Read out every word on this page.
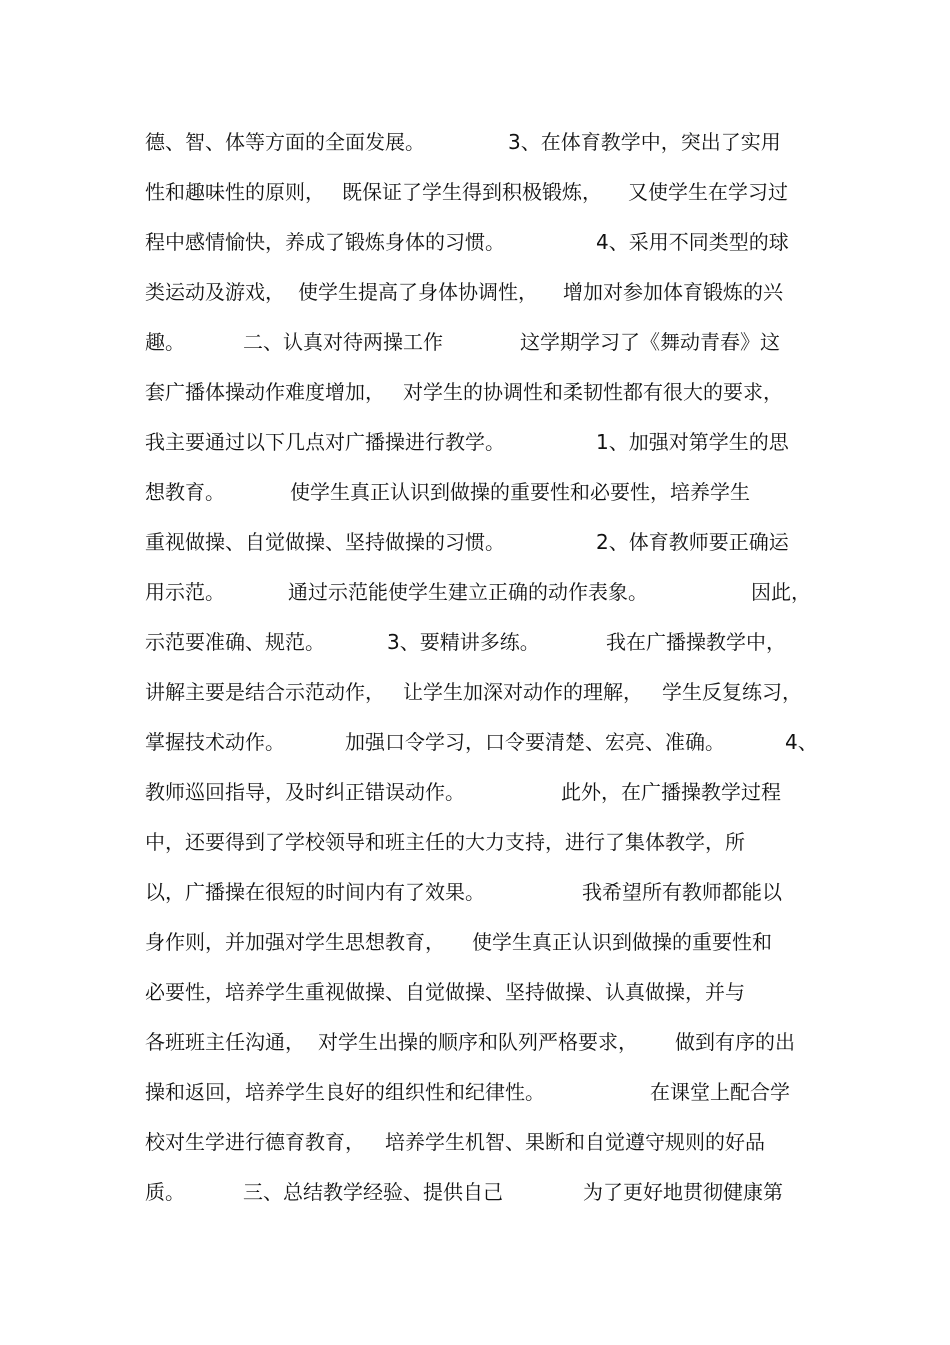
德、智、体等方面的全面发展。	3、在体育教学中，突出了实用
性和趣味性的原则， 既保证了学生得到积极锻炼， 又使学生在学习过
程中感情愉快，养成了锻炼身体的习惯。	4、采用不同类型的球
类运动及游戏， 使学生提高了身体协调性， 增加对参加体育锻炼的兴
趣。	二、认真对待两操工作	这学期学习了《舞动青春》这
套广播体操动作难度增加， 对学生的协调性和柔韧性都有很大的要求，
我主要通过以下几点对广播操进行教学。	1、加强对第学生的思
想教育。	使学生真正认识到做操的重要性和必要性，培养学生
重视做操、自觉做操、坚持做操的习惯。	2、体育教师要正确运
用示范。	通过示范能使学生建立正确的动作表象。	因此，
示范要准确、规范。	3、要精讲多练。	我在广播操教学中，
讲解主要是结合示范动作， 让学生加深对动作的理解， 学生反复练习，
掌握技术动作。	加强口令学习，口令要清楚、宏亮、准确。	4、
教师巡回指导，及时纠正错误动作。	此外，在广播操教学过程
中，还要得到了学校领导和班主任的大力支持，进行了集体教学，所
以，广播操在很短的时间内有了效果。	我希望所有教师都能以
身作则，并加强对学生思想教育， 使学生真正认识到做操的重要性和
必要性，培养学生重视做操、自觉做操、坚持做操、认真做操，并与
各班班主任沟通， 对学生出操的顺序和队列严格要求， 做到有序的出
操和返回，培养学生良好的组织性和纪律性。	在课堂上配合学
校对生学进行德育教育， 培养学生机智、果断和自觉遵守规则的好品
质。	三、总结教学经验、提供自己	为了更好地贯彻健康第
